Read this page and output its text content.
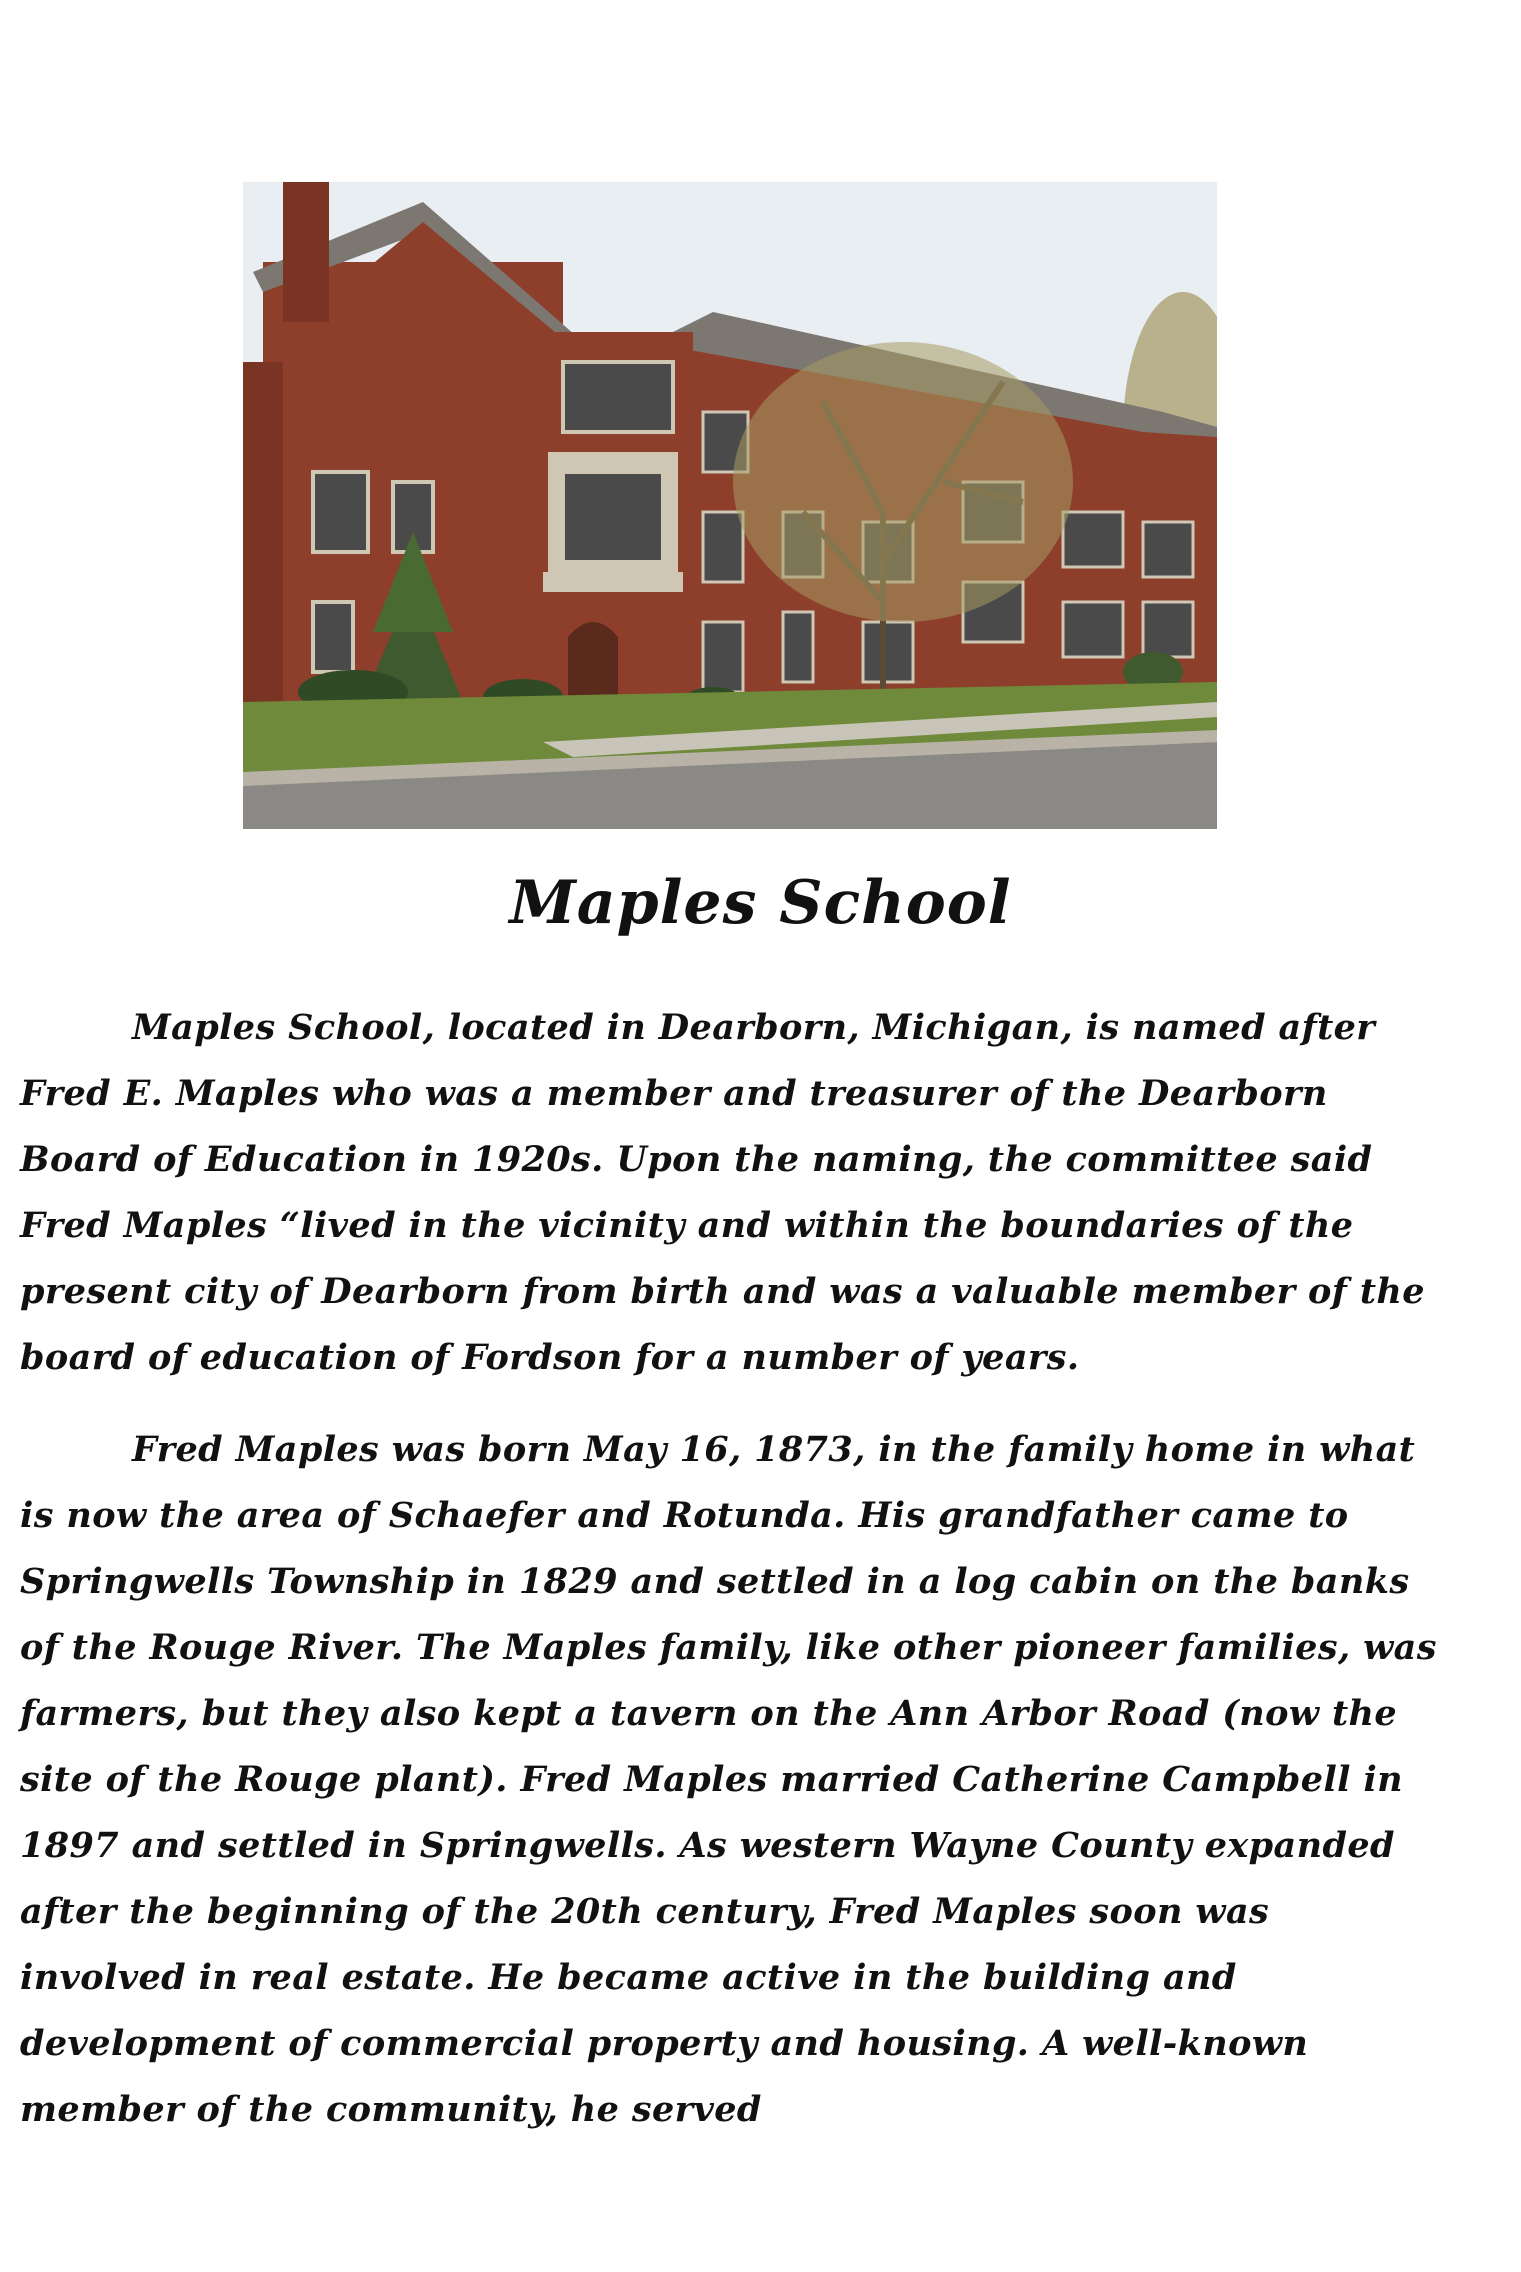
Maples School

Maples School, located in Dearborn, Michigan, is named after Fred E. Maples who was a member and treasurer of the Dearborn Board of Education in 1920s. Upon the naming, the committee said Fred Maples “lived in the vicinity and within the boundaries of the present city of Dearborn from birth and was a valuable member of the board of education of Fordson for a number of years.

Fred Maples was born May 16, 1873, in the family home in what is now the area of Schaefer and Rotunda. His grandfather came to Springwells Township in 1829 and settled in a log cabin on the banks of the Rouge River. The Maples family, like other pioneer families, was farmers, but they also kept a tavern on the Ann Arbor Road (now the site of the Rouge plant). Fred Maples married Catherine Campbell in 1897 and settled in Springwells. As western Wayne County expanded after the beginning of the 20th century, Fred Maples soon was involved in real estate. He became active in the building and development of commercial property and housing. A well-known member of the community, he served
